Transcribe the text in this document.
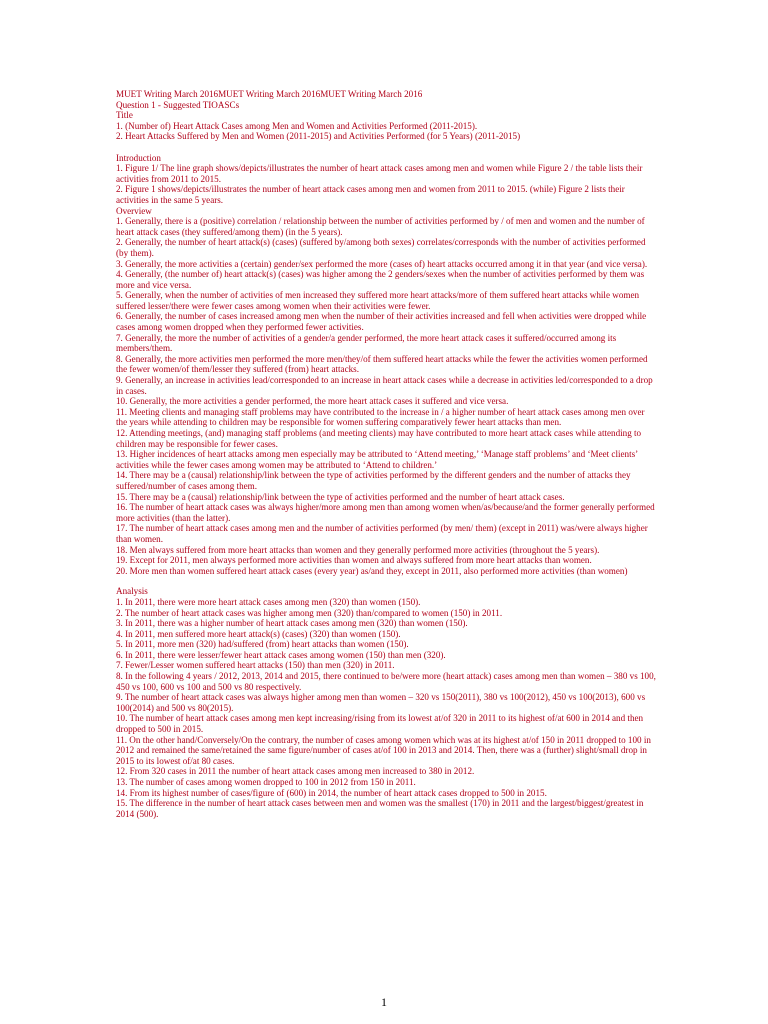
MUET Writing March 2016MUET Writing March 2016MUET Writing March 2016
Question 1 - Suggested TIOASCs
Title
1. (Number of) Heart Attack Cases among Men and Women and Activities Performed (2011-2015).
2. Heart Attacks Suffered by Men and Women (2011-2015) and Activities Performed (for 5 Years) (2011-2015)
Introduction
1. Figure 1/ The line graph shows/depicts/illustrates the number of heart attack cases among men and women while Figure 2 / the table lists their activities from 2011 to 2015.
2. Figure 1 shows/depicts/illustrates the number of heart attack cases among men and women from 2011 to 2015. (while) Figure 2 lists their activities in the same 5 years.
Overview
1. Generally, there is a (positive) correlation / relationship between the number of activities performed by / of men and women and the number of heart attack cases (they suffered/among them) (in the 5 years).
2. Generally, the number of heart attack(s) (cases) (suffered by/among both sexes) correlates/corresponds with the number of activities performed (by them).
3. Generally, the more activities a (certain) gender/sex performed the more (cases of) heart attacks occurred among it in that year (and vice versa).
4. Generally, (the number of) heart attack(s) (cases) was higher among the 2 genders/sexes when the number of activities performed by them was more and vice versa.
5. Generally, when the number of activities of men increased they suffered more heart attacks/more of them suffered heart attacks while women suffered lesser/there were fewer cases among women when their activities were fewer.
6. Generally, the number of cases increased among men when the number of their activities increased and fell when activities were dropped while cases among women dropped when they performed fewer activities.
7. Generally, the more the number of activities of a gender/a gender performed, the more heart attack cases it suffered/occurred among its members/them.
8. Generally, the more activities men performed the more men/they/of them suffered heart attacks while the fewer the activities women performed the fewer women/of them/lesser they suffered (from) heart attacks.
9. Generally, an increase in activities lead/corresponded to an increase in heart attack cases while a decrease in activities led/corresponded to a drop in cases.
10. Generally, the more activities a gender performed, the more heart attack cases it suffered and vice versa.
11. Meeting clients and managing staff problems may have contributed to the increase in / a higher number of heart attack cases among men over the years while attending to children may be responsible for women suffering comparatively fewer heart attacks than men.
12. Attending meetings, (and) managing staff problems (and meeting clients) may have contributed to more heart attack cases while attending to children may be responsible for fewer cases.
13. Higher incidences of heart attacks among men especially may be attributed to ‘Attend meeting,’ ‘Manage staff problems’ and ‘Meet clients’ activities while the fewer cases among women may be attributed to ‘Attend to children.’
14. There may be a (causal) relationship/link between the type of activities performed by the different genders and the number of attacks they suffered/number of cases among them.
15. There may be a (causal) relationship/link between the type of activities performed and the number of heart attack cases.
16. The number of heart attack cases was always higher/more among men than among women when/as/because/and the former generally performed more activities (than the latter).
17. The number of heart attack cases among men and the number of activities performed (by men/ them) (except in 2011) was/were always higher than women.
18. Men always suffered from more heart attacks than women and they generally performed more activities (throughout the 5 years).
19. Except for 2011, men always performed more activities than women and always suffered from more heart attacks than women.
20. More men than women suffered heart attack cases (every year) as/and they, except in 2011, also performed more activities (than women)
Analysis
1. In 2011, there were more heart attack cases among men (320) than women (150).
2. The number of heart attack cases was higher among men (320) than/compared to women (150) in 2011.
3. In 2011, there was a higher number of heart attack cases among men (320) than women (150).
4. In 2011, men suffered more heart attack(s) (cases) (320) than women (150).
5. In 2011, more men (320) had/suffered (from) heart attacks than women (150).
6. In 2011, there were lesser/fewer heart attack cases among women (150) than men (320).
7. Fewer/Lesser women suffered heart attacks (150) than men (320) in 2011.
8. In the following 4 years / 2012, 2013, 2014 and 2015, there continued to be/were more (heart attack) cases among men than women – 380 vs 100, 450 vs 100, 600 vs 100 and 500 vs 80 respectively.
9. The number of heart attack cases was always higher among men than women – 320 vs 150(2011), 380 vs 100(2012), 450 vs 100(2013), 600 vs 100(2014) and 500 vs 80(2015).
10. The number of heart attack cases among men kept increasing/rising from its lowest at/of 320 in 2011 to its highest of/at 600 in 2014 and then dropped to 500 in 2015.
11. On the other hand/Conversely/On the contrary, the number of cases among women which was at its highest at/of 150 in 2011 dropped to 100 in 2012 and remained the same/retained the same figure/number of cases at/of 100 in 2013 and 2014. Then, there was a (further) slight/small drop in 2015 to its lowest of/at 80 cases.
12. From 320 cases in 2011 the number of heart attack cases among men increased to 380 in 2012.
13. The number of cases among women dropped to 100 in 2012 from 150 in 2011.
14. From its highest number of cases/figure of (600) in 2014, the number of heart attack cases dropped to 500 in 2015.
15. The difference in the number of heart attack cases between men and women was the smallest (170) in 2011 and the largest/biggest/greatest in 2014 (500).
1
